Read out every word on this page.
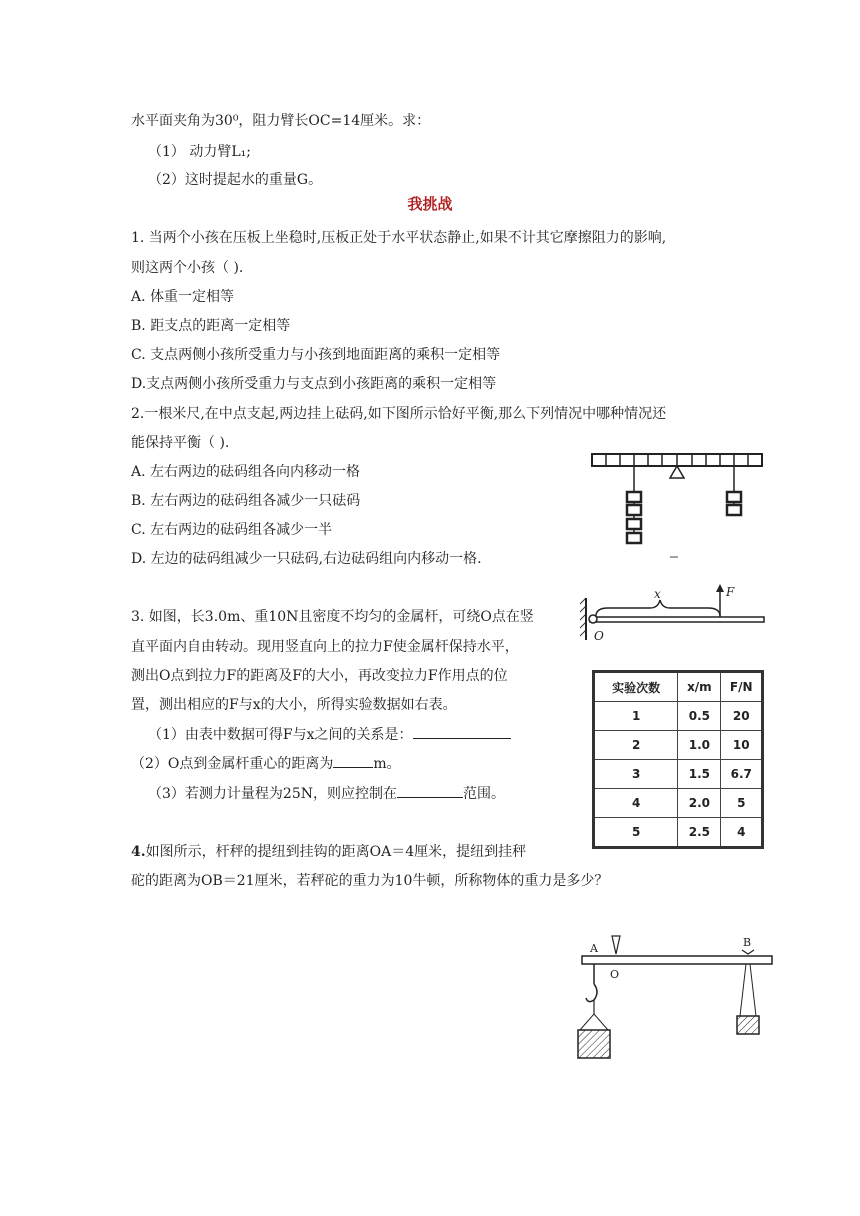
水平面夹角为30⁰，阻力臂长OC=14厘米。求：
（1） 动力臂L₁;
（2）这时提起水的重量G。
我挑战
1. 当两个小孩在压板上坐稳时,压板正处于水平状态静止,如果不计其它摩擦阻力的影响,
则这两个小孩（ ).
A. 体重一定相等
B. 距支点的距离一定相等
C. 支点两侧小孩所受重力与小孩到地面距离的乘积一定相等
D.支点两侧小孩所受重力与支点到小孩距离的乘积一定相等
2.一根米尺,在中点支起,两边挂上砝码,如下图所示恰好平衡,那么下列情况中哪种情况还
能保持平衡（ ).
A. 左右两边的砝码组各向内移动一格
B. 左右两边的砝码组各减少一只砝码
C. 左右两边的砝码组各减少一半
D. 左边的砝码组减少一只砝码,右边砝码组向内移动一格.
3. 如图，长3.0m、重10N且密度不均匀的金属杆，可绕O点在竖
直平面内自由转动。现用竖直向上的拉力F使金属杆保持水平，
测出O点到拉力F的距离及F的大小，再改变拉力F作用点的位
置，测出相应的F与x的大小，所得实验数据如右表。
（1）由表中数据可得F与x之间的关系是：
（2）O点到金属杆重心的距离为	m。
（3）若测力计量程为25N，则应控制在	范围。
O
x	F
实验次数	x/m	F/N
1	0.5	20
2	1.0	10
3	1.5	6.7
4	2.0	5
5	2.5	4
4.如图所示，杆秤的提纽到挂钩的距离OA＝4厘米，提纽到挂秤
砣的距离为OB＝21厘米，若秤砣的重力为10牛顿，所称物体的重力是多少？
A	B
O
